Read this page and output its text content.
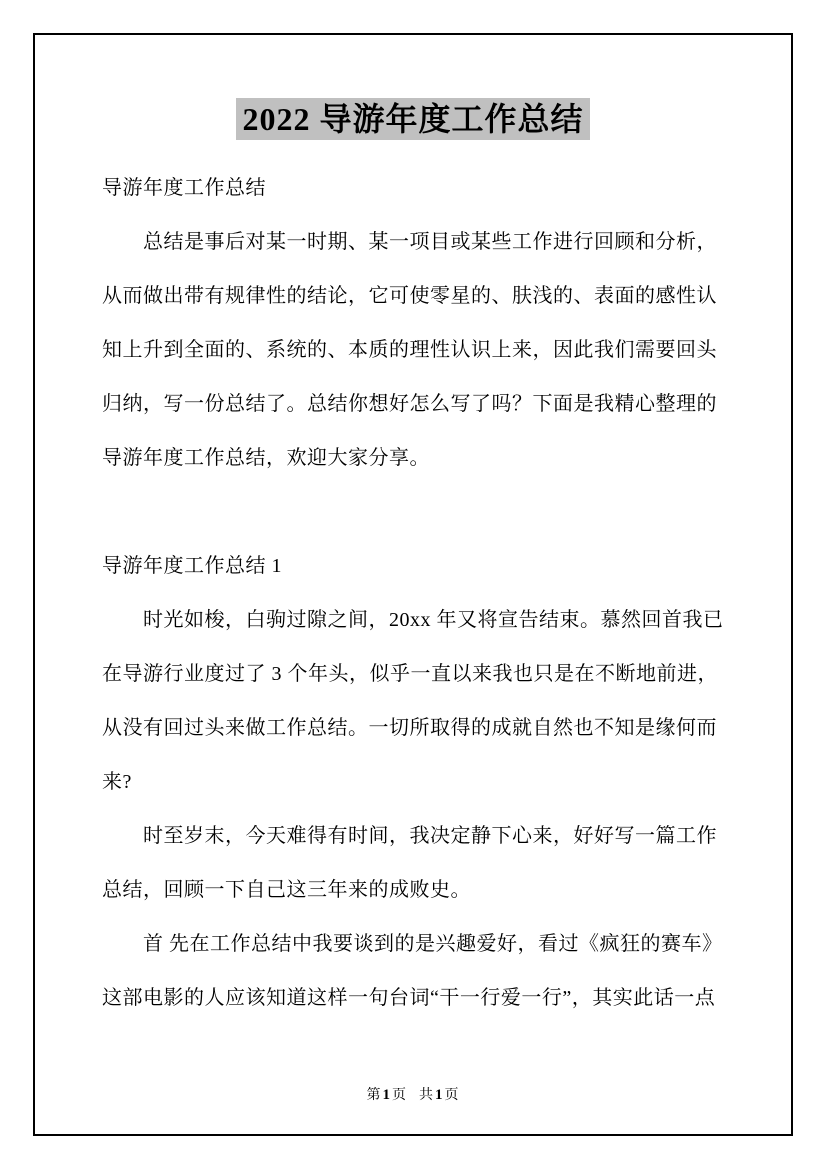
2022 导游年度工作总结
导游年度工作总结
总结是事后对某一时期、某一项目或某些工作进行回顾和分析，
从而做出带有规律性的结论，它可使零星的、肤浅的、表面的感性认
知上升到全面的、系统的、本质的理性认识上来，因此我们需要回头
归纳，写一份总结了。总结你想好怎么写了吗？下面是我精心整理的
导游年度工作总结，欢迎大家分享。
导游年度工作总结 1
时光如梭，白驹过隙之间，20xx 年又将宣告结束。慕然回首我已
在导游行业度过了 3 个年头，似乎一直以来我也只是在不断地前进，
从没有回过头来做工作总结。一切所取得的成就自然也不知是缘何而
来?
时至岁末，今天难得有时间，我决定静下心来，好好写一篇工作
总结，回顾一下自己这三年来的成败史。
首 先在工作总结中我要谈到的是兴趣爱好，看过《疯狂的赛车》
这部电影的人应该知道这样一句台词“干一行爱一行”，其实此话一点
第1页 共1页
